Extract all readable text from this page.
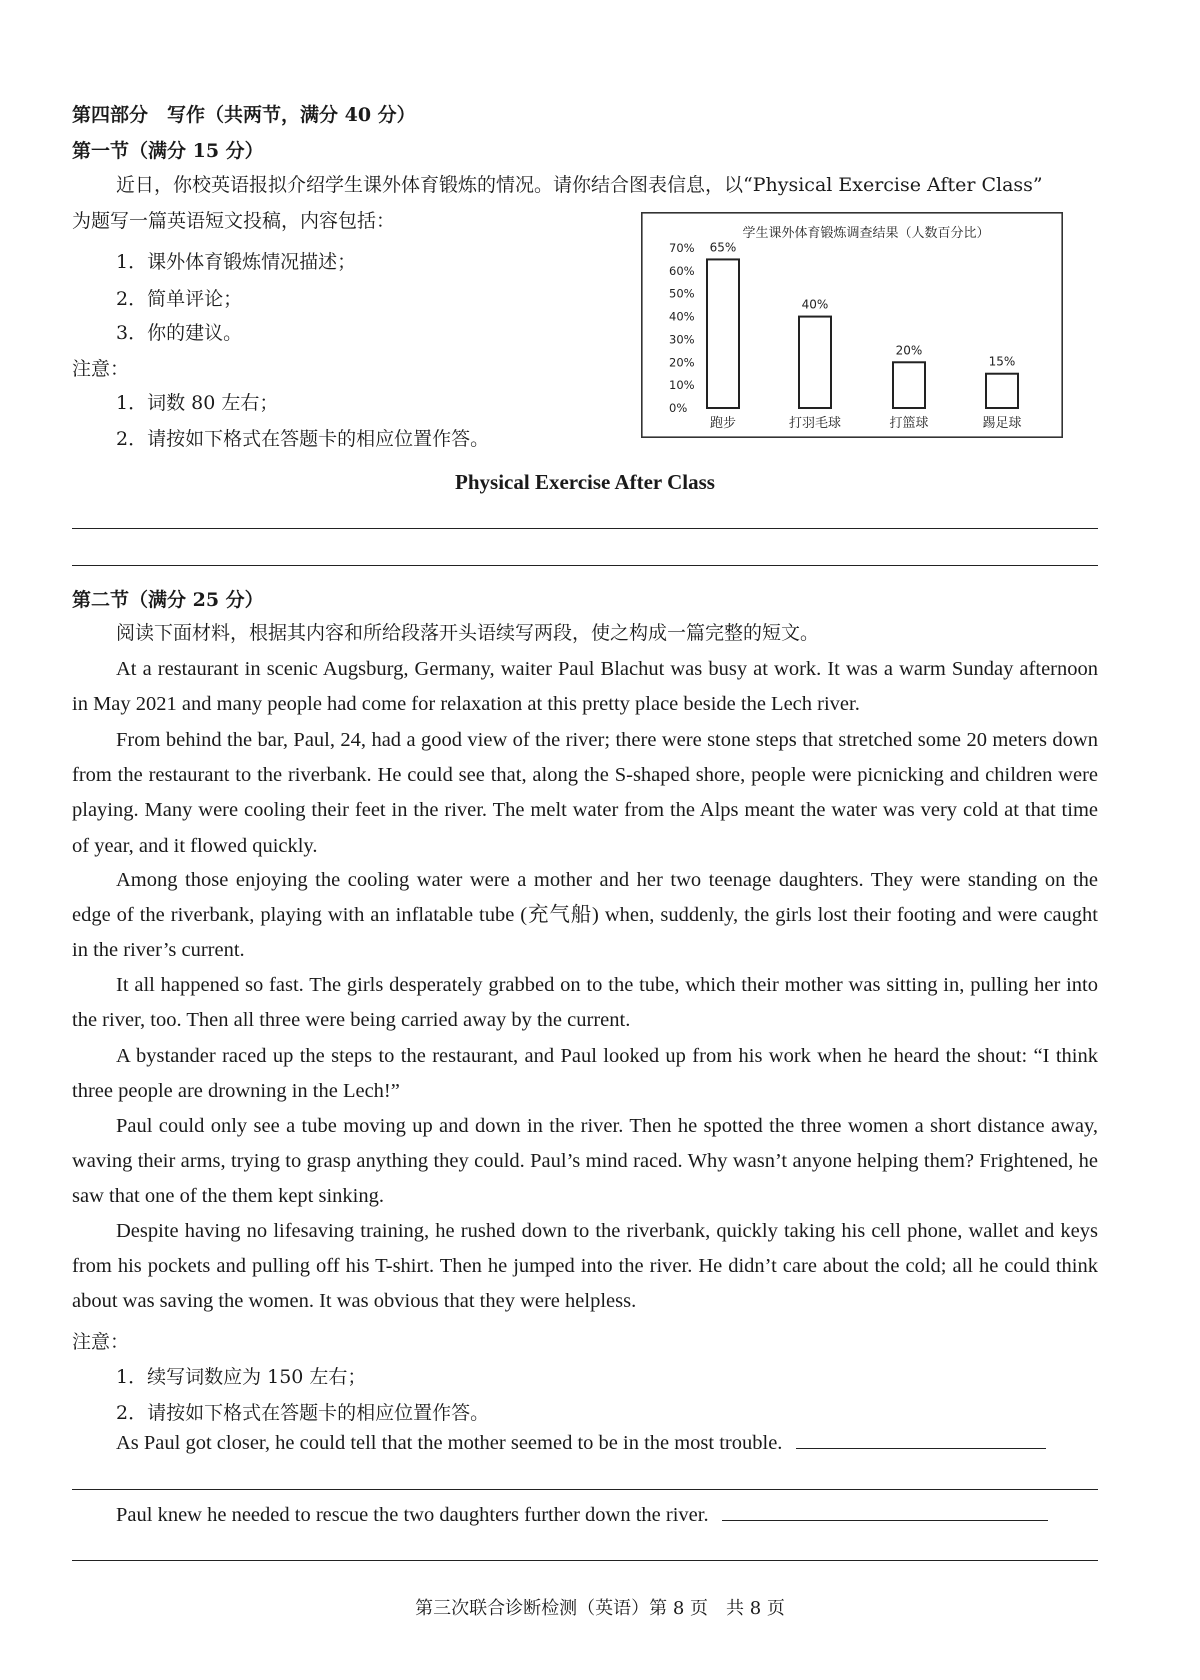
第四部分　写作（共两节，满分 40 分）
第一节（满分 15 分）
近日，你校英语报拟介绍学生课外体育锻炼的情况。请你结合图表信息，以“Physical Exercise After Class”
为题写一篇英语短文投稿，内容包括：
1．课外体育锻炼情况描述；
2．简单评论；
3．你的建议。
注意：
1．词数 80 左右；
2．请按如下格式在答题卡的相应位置作答。
学生课外体育锻炼调查结果（人数百分比）
70%
60%
50%
40%
30%
20%
10%
0%
65%
跑步
40%
打羽毛球
20%
打篮球
15%
踢足球
Physical Exercise After Class
第二节（满分 25 分）
阅读下面材料，根据其内容和所给段落开头语续写两段，使之构成一篇完整的短文。
At a restaurant in scenic Augsburg, Germany, waiter Paul Blachut was busy at work. It was a warm Sunday afternoon in May 2021 and many people had come for relaxation at this pretty place beside the Lech river.
From behind the bar, Paul, 24, had a good view of the river; there were stone steps that stretched some 20 meters down from the restaurant to the riverbank. He could see that, along the S-shaped shore, people were picnicking and children were playing. Many were cooling their feet in the river. The melt water from the Alps meant the water was very cold at that time of year, and it flowed quickly.
Among those enjoying the cooling water were a mother and her two teenage daughters. They were standing on the edge of the riverbank, playing with an inflatable tube (充气船) when, suddenly, the girls lost their footing and were caught in the river’s current.
It all happened so fast. The girls desperately grabbed on to the tube, which their mother was sitting in, pulling her into the river, too. Then all three were being carried away by the current.
A bystander raced up the steps to the restaurant, and Paul looked up from his work when he heard the shout: “I think three people are drowning in the Lech!”
Paul could only see a tube moving up and down in the river. Then he spotted the three women a short distance away, waving their arms, trying to grasp anything they could. Paul’s mind raced. Why wasn’t anyone helping them? Frightened, he saw that one of the them kept sinking.
Despite having no lifesaving training, he rushed down to the riverbank, quickly taking his cell phone, wallet and keys from his pockets and pulling off his T-shirt. Then he jumped into the river. He didn’t care about the cold; all he could think about was saving the women. It was obvious that they were helpless.
注意：
1．续写词数应为 150 左右；
2．请按如下格式在答题卡的相应位置作答。
As Paul got closer, he could tell that the mother seemed to be in the most trouble.
Paul knew he needed to rescue the two daughters further down the river.
第三次联合诊断检测（英语）第 8 页　共 8 页
